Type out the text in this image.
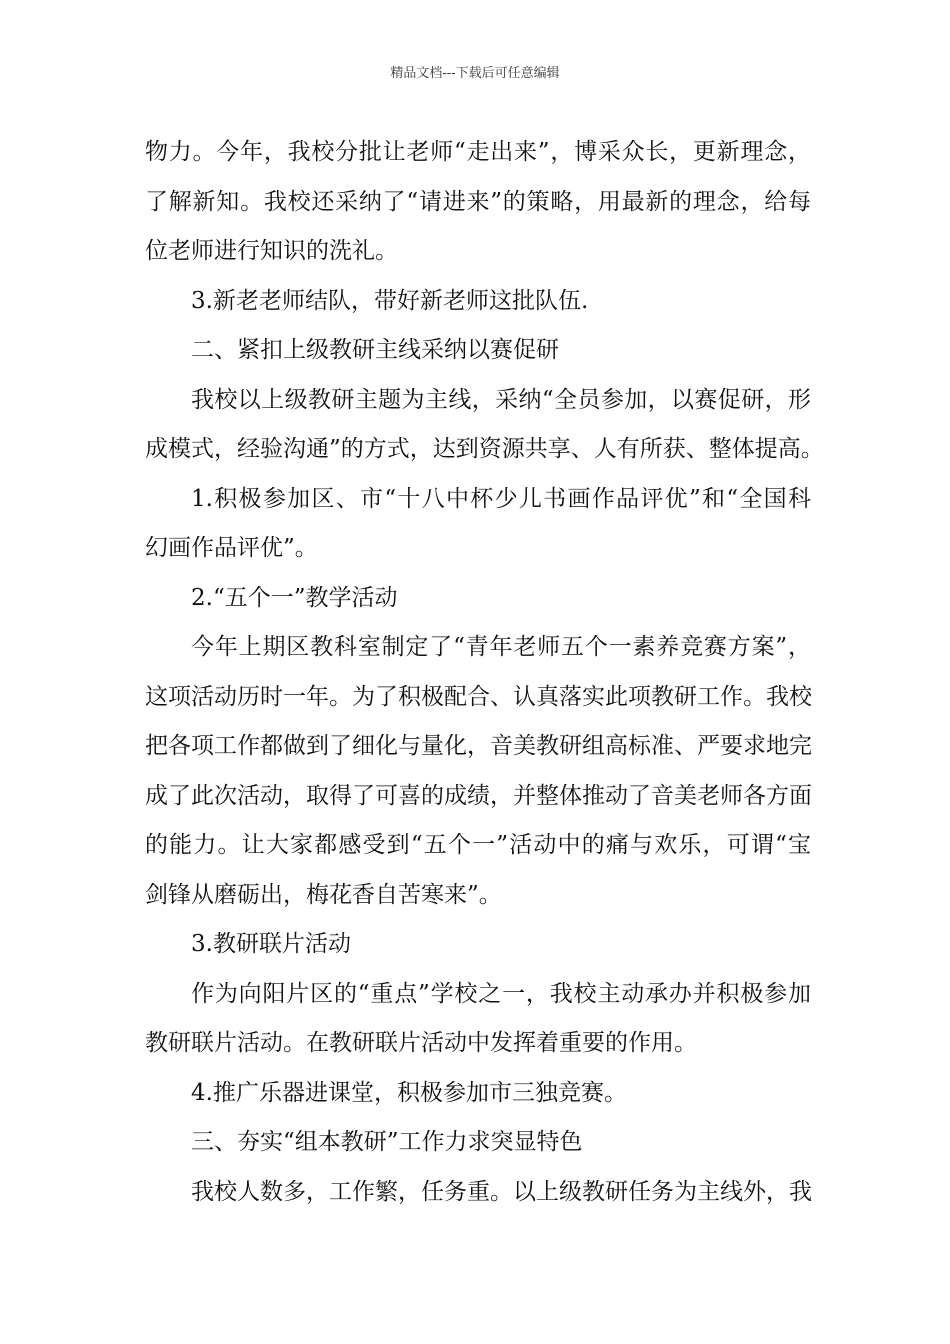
精品文档---下载后可任意编辑
物力。今年，我校分批让老师“走出来”，博采众长，更新理念，
了解新知。我校还采纳了“请进来”的策略，用最新的理念，给每
位老师进行知识的洗礼。
3.新老老师结队，带好新老师这批队伍.
二、紧扣上级教研主线采纳以赛促研
我校以上级教研主题为主线，采纳“全员参加，以赛促研，形
成模式，经验沟通”的方式，达到资源共享、人有所获、整体提高。
1.积极参加区、市“十八中杯少儿书画作品评优”和“全国科
幻画作品评优”。
2.“五个一”教学活动
今年上期区教科室制定了“青年老师五个一素养竞赛方案”，
这项活动历时一年。为了积极配合、认真落实此项教研工作。我校
把各项工作都做到了细化与量化，音美教研组高标准、严要求地完
成了此次活动，取得了可喜的成绩，并整体推动了音美老师各方面
的能力。让大家都感受到“五个一”活动中的痛与欢乐，可谓“宝
剑锋从磨砺出，梅花香自苦寒来”。
3.教研联片活动
作为向阳片区的“重点”学校之一，我校主动承办并积极参加
教研联片活动。在教研联片活动中发挥着重要的作用。
4.推广乐器进课堂，积极参加市三独竞赛。
三、夯实“组本教研”工作力求突显特色
我校人数多，工作繁，任务重。以上级教研任务为主线外，我
